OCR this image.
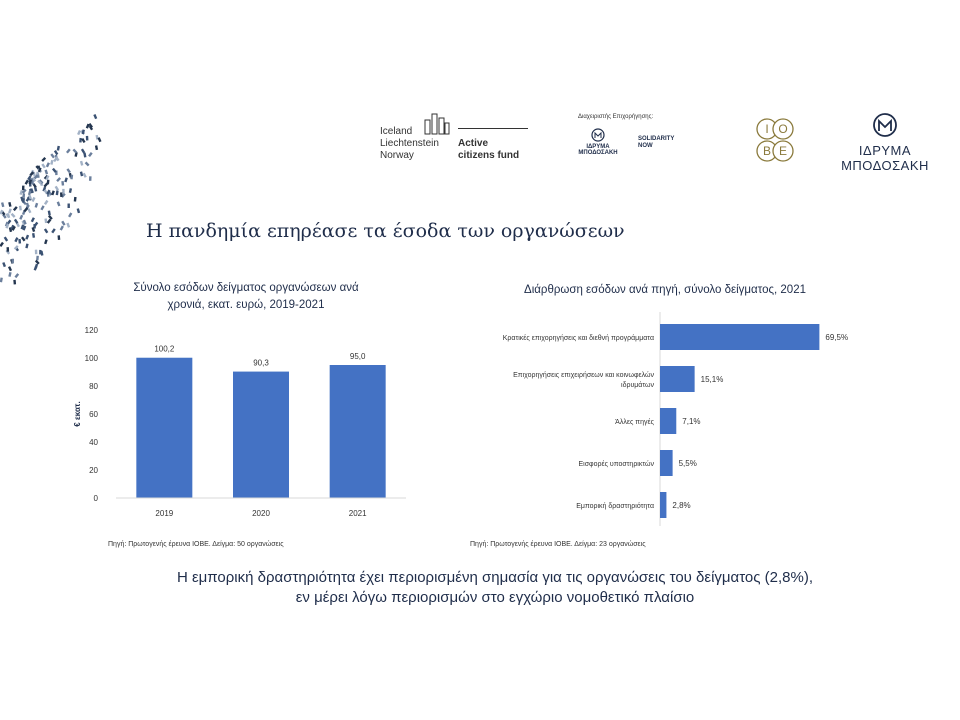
Iceland
Liechtenstein
Norway
Active
citizens fund
Διαχειριστής Επιχορήγησης:
ΙΔΡΥΜΑ ΜΠΟΔΟΣΑΚΗ
SOLIDARITY
NOW
I O
B E	ΙΔΡΥΜΑ ΜΠΟΔΟΣΑΚΗ
Η πανδημία επηρέασε τα έσοδα των οργανώσεων
Σύνολο εσόδων δείγματος οργανώσεων ανά
χρονιά, εκατ. ευρώ, 2019-2021
Διάρθρωση εσόδων ανά πηγή, σύνολο δείγματος, 2021
€ εκατ.
0
20
40
60
80
100
120
100,2
2019
90,3
2020
95,0
2021
69,5%
Κρατικές επιχορηγήσεις και διεθνή προγράμματα
15,1%
Επιχορηγήσεις επιχειρήσεων και κοινωφελών
ιδρυμάτων
7,1%
Άλλες πηγές
5,5%
Εισφορές υποστηρικτών
2,8%
Εμπορική δραστηριότητα
Πηγή: Πρωτογενής έρευνα ΙΟΒΕ. Δείγμα: 50 οργανώσεις	Πηγή: Πρωτογενής έρευνα ΙΟΒΕ. Δείγμα: 23 οργανώσεις
Η εμπορική δραστηριότητα έχει περιορισμένη σημασία για τις οργανώσεις του δείγματος (2,8%),
εν μέρει λόγω περιορισμών στο εγχώριο νομοθετικό πλαίσιο
